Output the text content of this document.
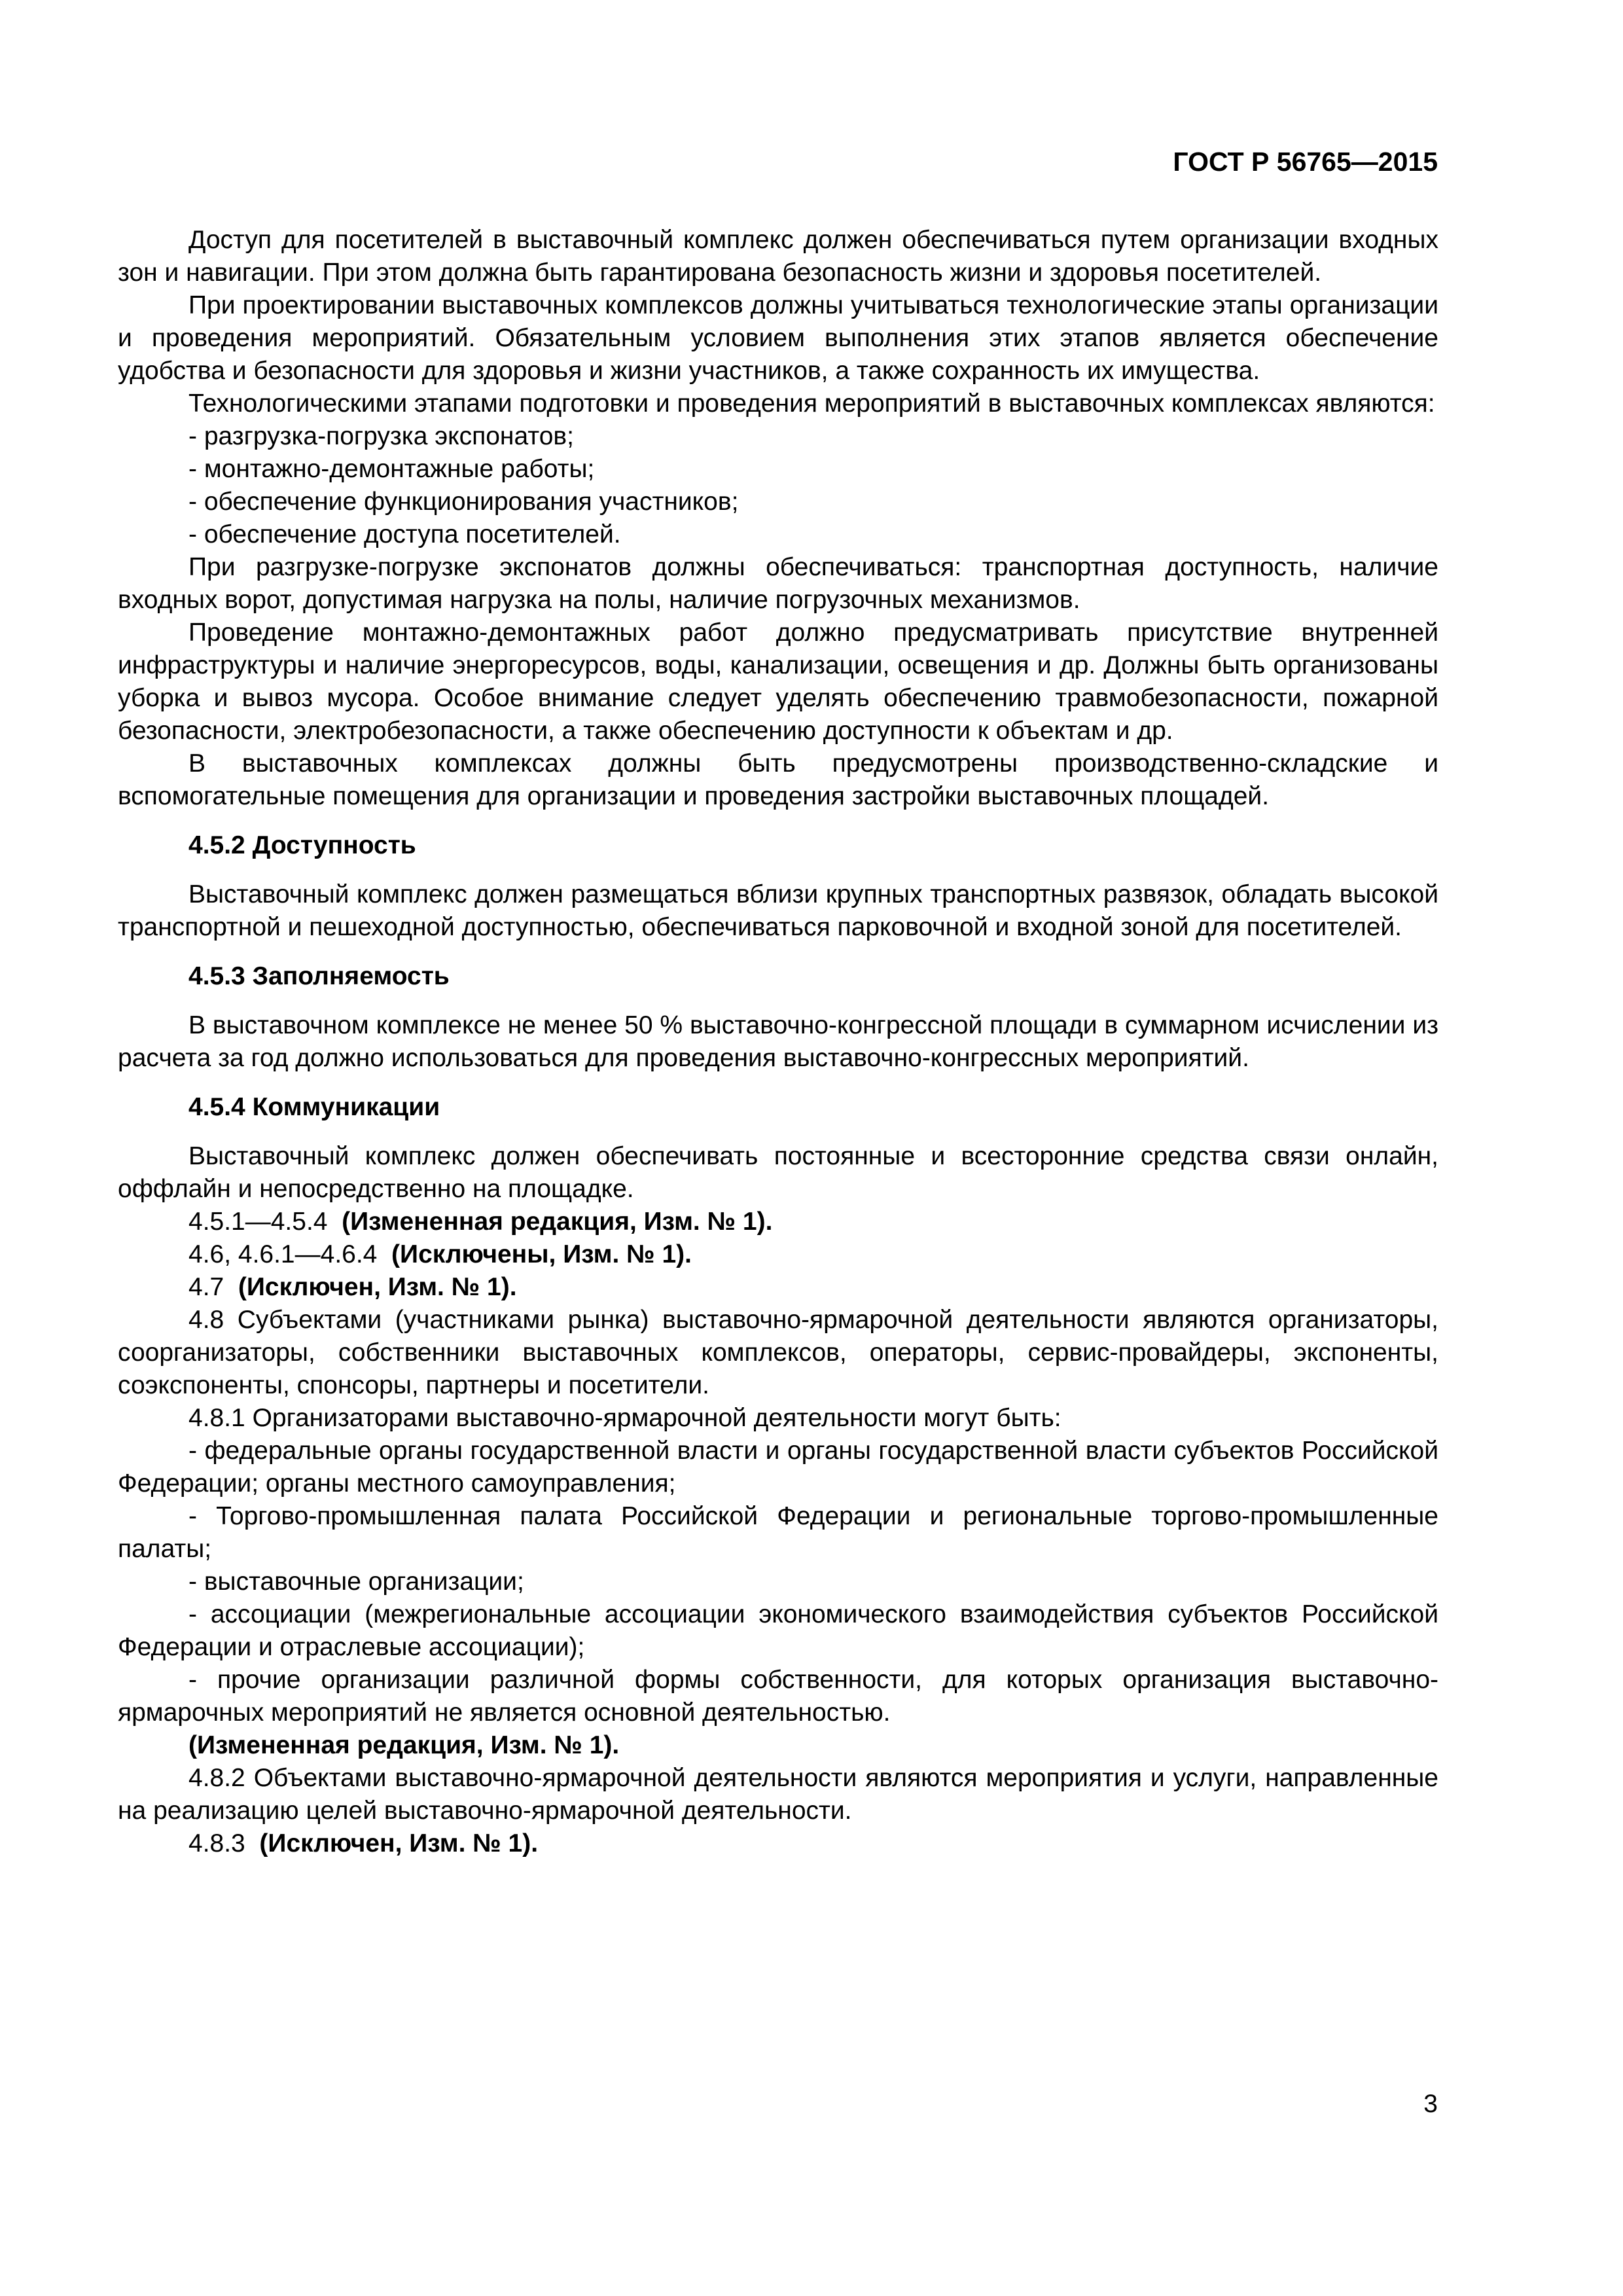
ГОСТ Р 56765—2015

Доступ для посетителей в выставочный комплекс должен обеспечиваться путем организации входных зон и навигации. При этом должна быть гарантирована безопасность жизни и здоровья посетителей.

При проектировании выставочных комплексов должны учитываться технологические этапы организации и проведения мероприятий. Обязательным условием выполнения этих этапов является обеспечение удобства и безопасности для здоровья и жизни участников, а также сохранность их имущества.

Технологическими этапами подготовки и проведения мероприятий в выставочных комплексах являются:

- разгрузка-погрузка экспонатов;

- монтажно-демонтажные работы;

- обеспечение функционирования участников;

- обеспечение доступа посетителей.

При разгрузке-погрузке экспонатов должны обеспечиваться: транспортная доступность, наличие входных ворот, допустимая нагрузка на полы, наличие погрузочных механизмов.

Проведение монтажно-демонтажных работ должно предусматривать присутствие внутренней инфраструктуры и наличие энергоресурсов, воды, канализации, освещения и др. Должны быть организованы уборка и вывоз мусора. Особое внимание следует уделять обеспечению травмобезопасности, пожарной безопасности, электробезопасности, а также обеспечению доступности к объектам и др.

В выставочных комплексах должны быть предусмотрены производственно-складские и вспомогательные помещения для организации и проведения застройки выставочных площадей.

4.5.2 Доступность

Выставочный комплекс должен размещаться вблизи крупных транспортных развязок, обладать высокой транспортной и пешеходной доступностью, обеспечиваться парковочной и входной зоной для посетителей.

4.5.3 Заполняемость

В выставочном комплексе не менее 50 % выставочно-конгрессной площади в суммарном исчислении из расчета за год должно использоваться для проведения выставочно-конгрессных мероприятий.

4.5.4 Коммуникации

Выставочный комплекс должен обеспечивать постоянные и всесторонние средства связи онлайн, оффлайн и непосредственно на площадке.

4.5.1—4.5.4 (Измененная редакция, Изм. № 1).

4.6, 4.6.1—4.6.4 (Исключены, Изм. № 1).

4.7 (Исключен, Изм. № 1).

4.8 Субъектами (участниками рынка) выставочно-ярмарочной деятельности являются организаторы, соорганизаторы, собственники выставочных комплексов, операторы, сервис-провайдеры, экспоненты, соэкспоненты, спонсоры, партнеры и посетители.

4.8.1 Организаторами выставочно-ярмарочной деятельности могут быть:

- федеральные органы государственной власти и органы государственной власти субъектов Российской Федерации; органы местного самоуправления;

- Торгово-промышленная палата Российской Федерации и региональные торгово-промышленные палаты;

- выставочные организации;

- ассоциации (межрегиональные ассоциации экономического взаимодействия субъектов Российской Федерации и отраслевые ассоциации);

- прочие организации различной формы собственности, для которых организация выставочно-ярмарочных мероприятий не является основной деятельностью.

(Измененная редакция, Изм. № 1).

4.8.2 Объектами выставочно-ярмарочной деятельности являются мероприятия и услуги, направленные на реализацию целей выставочно-ярмарочной деятельности.

4.8.3 (Исключен, Изм. № 1).

3
